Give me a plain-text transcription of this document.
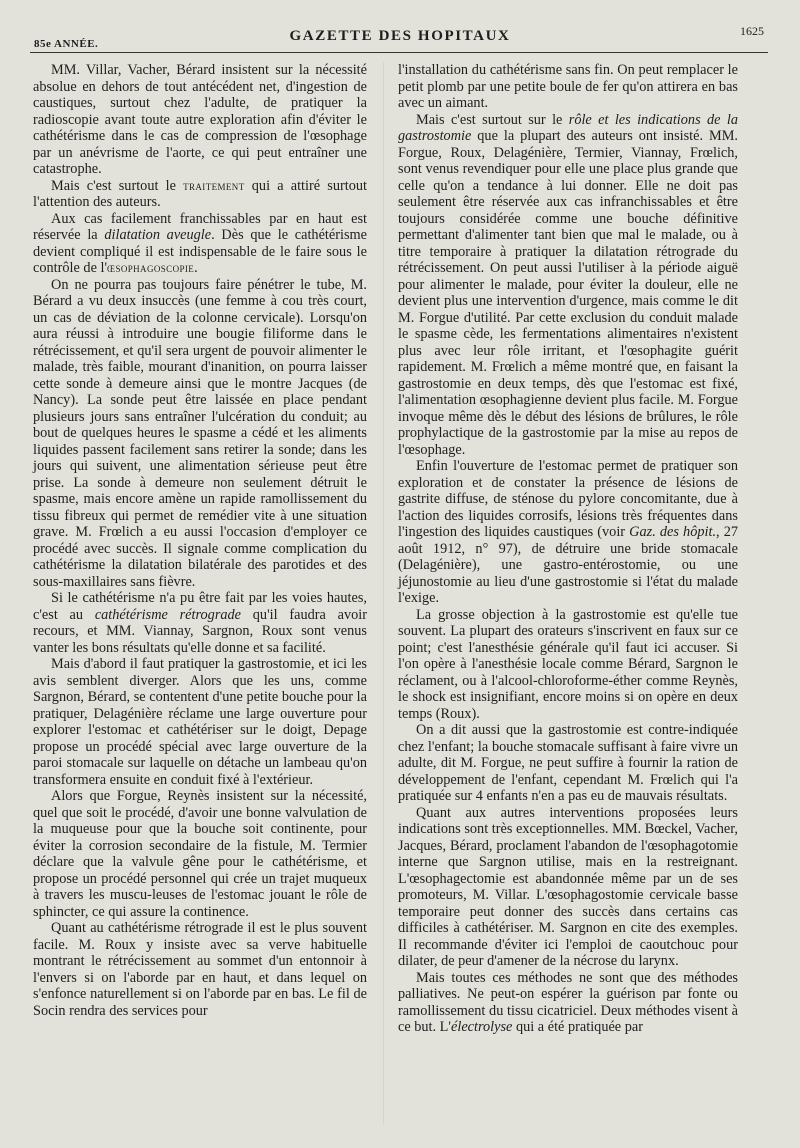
85e ANNÉE.	GAZETTE DES HOPITAUX	1625

MM. Villar, Vacher, Bérard insistent sur la nécessité absolue en dehors de tout antécédent net, d'ingestion de caustiques, surtout chez l'adulte, de pratiquer la radioscopie avant toute autre exploration afin d'éviter le cathétérisme dans le cas de compression de l'œsophage par un anévrisme de l'aorte, ce qui peut entraîner une catastrophe.

Mais c'est surtout le traitement qui a attiré surtout l'attention des auteurs.

Aux cas facilement franchissables par en haut est réservée la dilatation aveugle. Dès que le cathétérisme devient compliqué il est indispensable de le faire sous le contrôle de l'œsophagoscopie.

On ne pourra pas toujours faire pénétrer le tube, M. Bérard a vu deux insuccès (une femme à cou très court, un cas de déviation de la colonne cervicale). Lorsqu'on aura réussi à introduire une bougie filiforme dans le rétrécissement, et qu'il sera urgent de pouvoir alimenter le malade, très faible, mourant d'inanition, on pourra laisser cette sonde à demeure ainsi que le montre Jacques (de Nancy). La sonde peut être laissée en place pendant plusieurs jours sans entraîner l'ulcération du conduit; au bout de quelques heures le spasme a cédé et les aliments liquides passent facilement sans retirer la sonde; dans les jours qui suivent, une alimentation sérieuse peut être prise. La sonde à demeure non seulement détruit le spasme, mais encore amène un rapide ramollissement du tissu fibreux qui permet de remédier vite à une situation grave. M. Frœlich a eu aussi l'occasion d'employer ce procédé avec succès. Il signale comme complication du cathétérisme la dilatation bilatérale des parotides et des sous-maxillaires sans fièvre.

Si le cathétérisme n'a pu être fait par les voies hautes, c'est au cathétérisme rétrograde qu'il faudra avoir recours, et MM. Viannay, Sargnon, Roux sont venus vanter les bons résultats qu'elle donne et sa facilité.

Mais d'abord il faut pratiquer la gastrostomie, et ici les avis semblent diverger. Alors que les uns, comme Sargnon, Bérard, se contentent d'une petite bouche pour la pratiquer, Delagénière réclame une large ouverture pour explorer l'estomac et cathétériser sur le doigt, Depage propose un procédé spécial avec large ouverture de la paroi stomacale sur laquelle on détache un lambeau qu'on transformera ensuite en conduit fixé à l'extérieur.

Alors que Forgue, Reynès insistent sur la nécessité, quel que soit le procédé, d'avoir une bonne valvulation de la muqueuse pour que la bouche soit continente, pour éviter la corrosion secondaire de la fistule, M. Termier déclare que la valvule gêne pour le cathétérisme, et propose un procédé personnel qui crée un trajet muqueux à travers les muscu-leuses de l'estomac jouant le rôle de sphincter, ce qui assure la continence.

Quant au cathétérisme rétrograde il est le plus souvent facile. M. Roux y insiste avec sa verve habituelle montrant le rétrécissement au sommet d'un entonnoir à l'envers si on l'aborde par en haut, et dans lequel on s'enfonce naturellement si on l'aborde par en bas. Le fil de Socin rendra des services pour

l'installation du cathétérisme sans fin. On peut remplacer le petit plomb par une petite boule de fer qu'on attirera en bas avec un aimant.

Mais c'est surtout sur le rôle et les indications de la gastrostomie que la plupart des auteurs ont insisté. MM. Forgue, Roux, Delagénière, Termier, Viannay, Frœlich, sont venus revendiquer pour elle une place plus grande que celle qu'on a tendance à lui donner. Elle ne doit pas seulement être réservée aux cas infranchissables et être toujours considérée comme une bouche définitive permettant d'alimenter tant bien que mal le malade, ou à titre temporaire à pratiquer la dilatation rétrograde du rétrécissement. On peut aussi l'utiliser à la période aiguë pour alimenter le malade, pour éviter la douleur, elle ne devient plus une intervention d'urgence, mais comme le dit M. Forgue d'utilité. Par cette exclusion du conduit malade le spasme cède, les fermentations alimentaires n'existent plus avec leur rôle irritant, et l'œsophagite guérit rapidement. M. Frœlich a même montré que, en faisant la gastrostomie en deux temps, dès que l'estomac est fixé, l'alimentation œsophagienne devient plus facile. M. Forgue invoque même dès le début des lésions de brûlures, le rôle prophylactique de la gastrostomie par la mise au repos de l'œsophage.

Enfin l'ouverture de l'estomac permet de pratiquer son exploration et de constater la présence de lésions de gastrite diffuse, de sténose du pylore concomitante, due à l'action des liquides corrosifs, lésions très fréquentes dans l'ingestion des liquides caustiques (voir Gaz. des hôpit., 27 août 1912, n° 97), de détruire une bride stomacale (Delagénière), une gastro-entérostomie, ou une jéjunostomie au lieu d'une gastrostomie si l'état du malade l'exige.

La grosse objection à la gastrostomie est qu'elle tue souvent. La plupart des orateurs s'inscrivent en faux sur ce point; c'est l'anesthésie générale qu'il faut ici accuser. Si l'on opère à l'anesthésie locale comme Bérard, Sargnon le réclament, ou à l'alcool-chloroforme-éther comme Reynès, le shock est insignifiant, encore moins si on opère en deux temps (Roux).

On a dit aussi que la gastrostomie est contre-indiquée chez l'enfant; la bouche stomacale suffisant à faire vivre un adulte, dit M. Forgue, ne peut suffire à fournir la ration de développement de l'enfant, cependant M. Frœlich qui l'a pratiquée sur 4 enfants n'en a pas eu de mauvais résultats.

Quant aux autres interventions proposées leurs indications sont très exceptionnelles. MM. Bœckel, Vacher, Jacques, Bérard, proclament l'abandon de l'œsophagotomie interne que Sargnon utilise, mais en la restreignant. L'œsophagectomie est abandonnée même par un de ses promoteurs, M. Villar. L'œsophagostomie cervicale basse temporaire peut donner des succès dans certains cas difficiles à cathétériser. M. Sargnon en cite des exemples. Il recommande d'éviter ici l'emploi de caoutchouc pour dilater, de peur d'amener de la nécrose du larynx.

Mais toutes ces méthodes ne sont que des méthodes palliatives. Ne peut-on espérer la guérison par fonte ou ramollissement du tissu cicatriciel. Deux méthodes visent à ce but. L'électrolyse qui a été pratiquée par
